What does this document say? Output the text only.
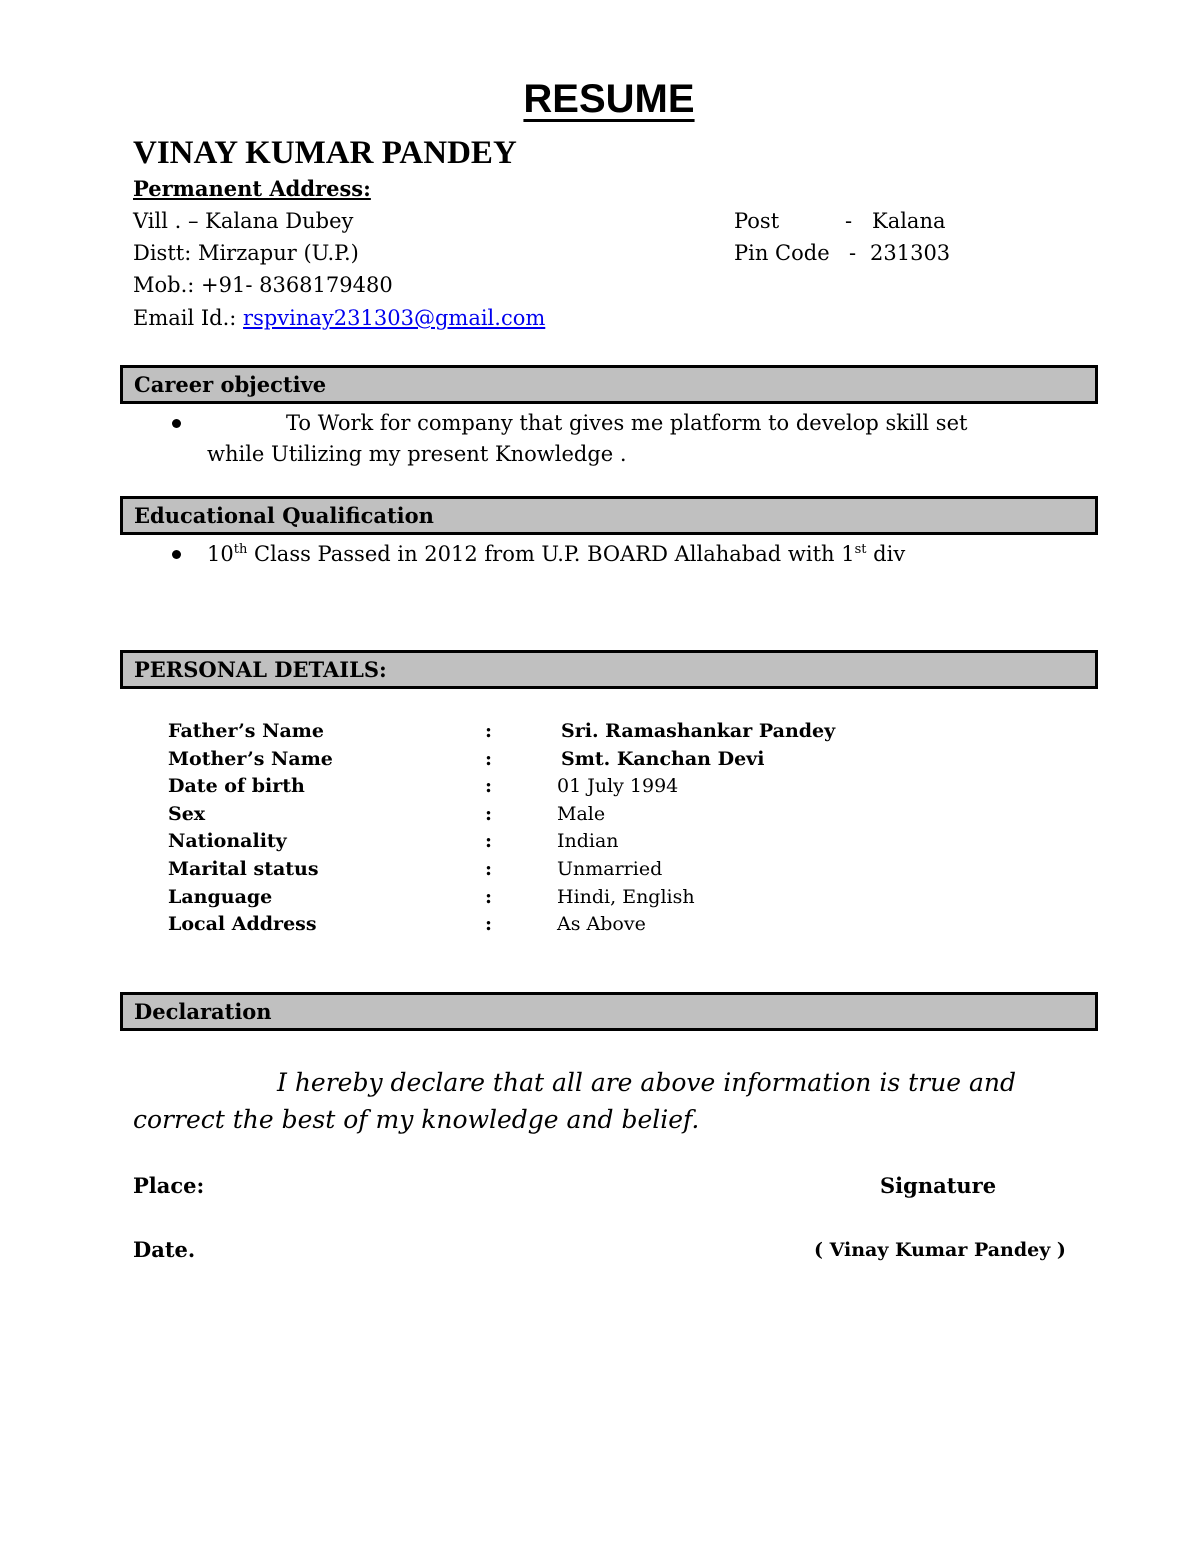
RESUME
VINAY KUMAR PANDEY
Permanent Address:
Vill . – Kalana Dubey
Distt: Mirzapur (U.P.)
Mob.: +91- 8368179480
Email Id.: rspvinay231303@gmail.com
Post	- Kalana
Pin Code - 231303
Career objective
To Work for company that gives me platform to develop skill set
while Utilizing my present Knowledge .
Educational Qualification
10th Class Passed in 2012 from U.P. BOARD Allahabad with 1st div
PERSONAL DETAILS:
Father’s Name	:	Sri. Ramashankar Pandey
Mother’s Name	:	Smt. Kanchan Devi
Date of birth	:	01 July 1994
Sex	:	Male
Nationality	:	Indian
Marital status	:	Unmarried
Language	:	Hindi, English
Local Address	:	As Above
Declaration
I hereby declare that all are above information is true and
correct the best of my knowledge and belief.
Place:	Signature
Date.	( Vinay Kumar Pandey )
